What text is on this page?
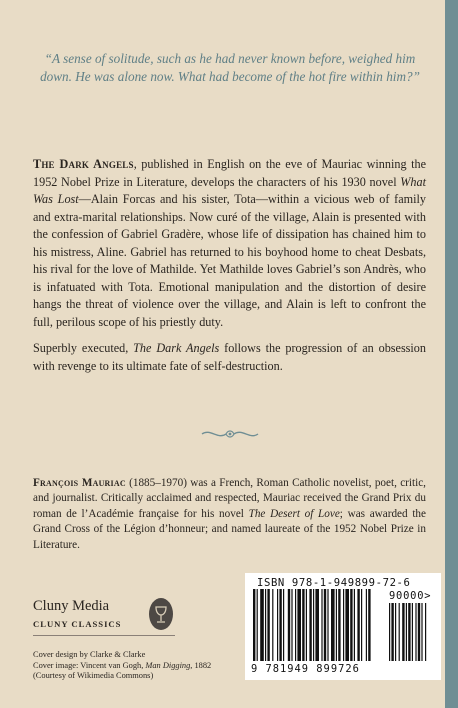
“A sense of solitude, such as he had never known before, weighed him down. He was alone now. What had become of the hot fire within him?”

The Dark Angels, published in English on the eve of Mauriac winning the 1952 Nobel Prize in Literature, develops the characters of his 1930 novel What Was Lost—Alain Forcas and his sister, Tota—within a vicious web of family and extra-marital relationships. Now curé of the village, Alain is presented with the confession of Gabriel Gradère, whose life of dissipation has chained him to his mistress, Aline. Gabriel has returned to his boyhood home to cheat Desbats, his rival for the love of Mathilde. Yet Mathilde loves Gabriel’s son Andrès, who is infatuated with Tota. Emotional manipulation and the distortion of desire hangs the threat of violence over the village, and Alain is left to confront the full, perilous scope of his priestly duty.

Superbly executed, The Dark Angels follows the progression of an obsession with revenge to its ultimate fate of self-destruction.

François Mauriac (1885–1970) was a French, Roman Catholic novelist, poet, critic, and journalist. Critically acclaimed and respected, Mauriac received the Grand Prix du roman de l’Académie française for his novel The Desert of Love; was awarded the Grand Cross of the Légion d’honneur; and named laureate of the 1952 Nobel Prize in Literature.
Cluny Media
CLUNY CLASSICS
Cover design by Clarke & Clarke
Cover image: Vincent van Gogh, Man Digging, 1882
(Courtesy of Wikimedia Commons)
ISBN 978-1-949899-72-6
9 781949 899726
90000>
